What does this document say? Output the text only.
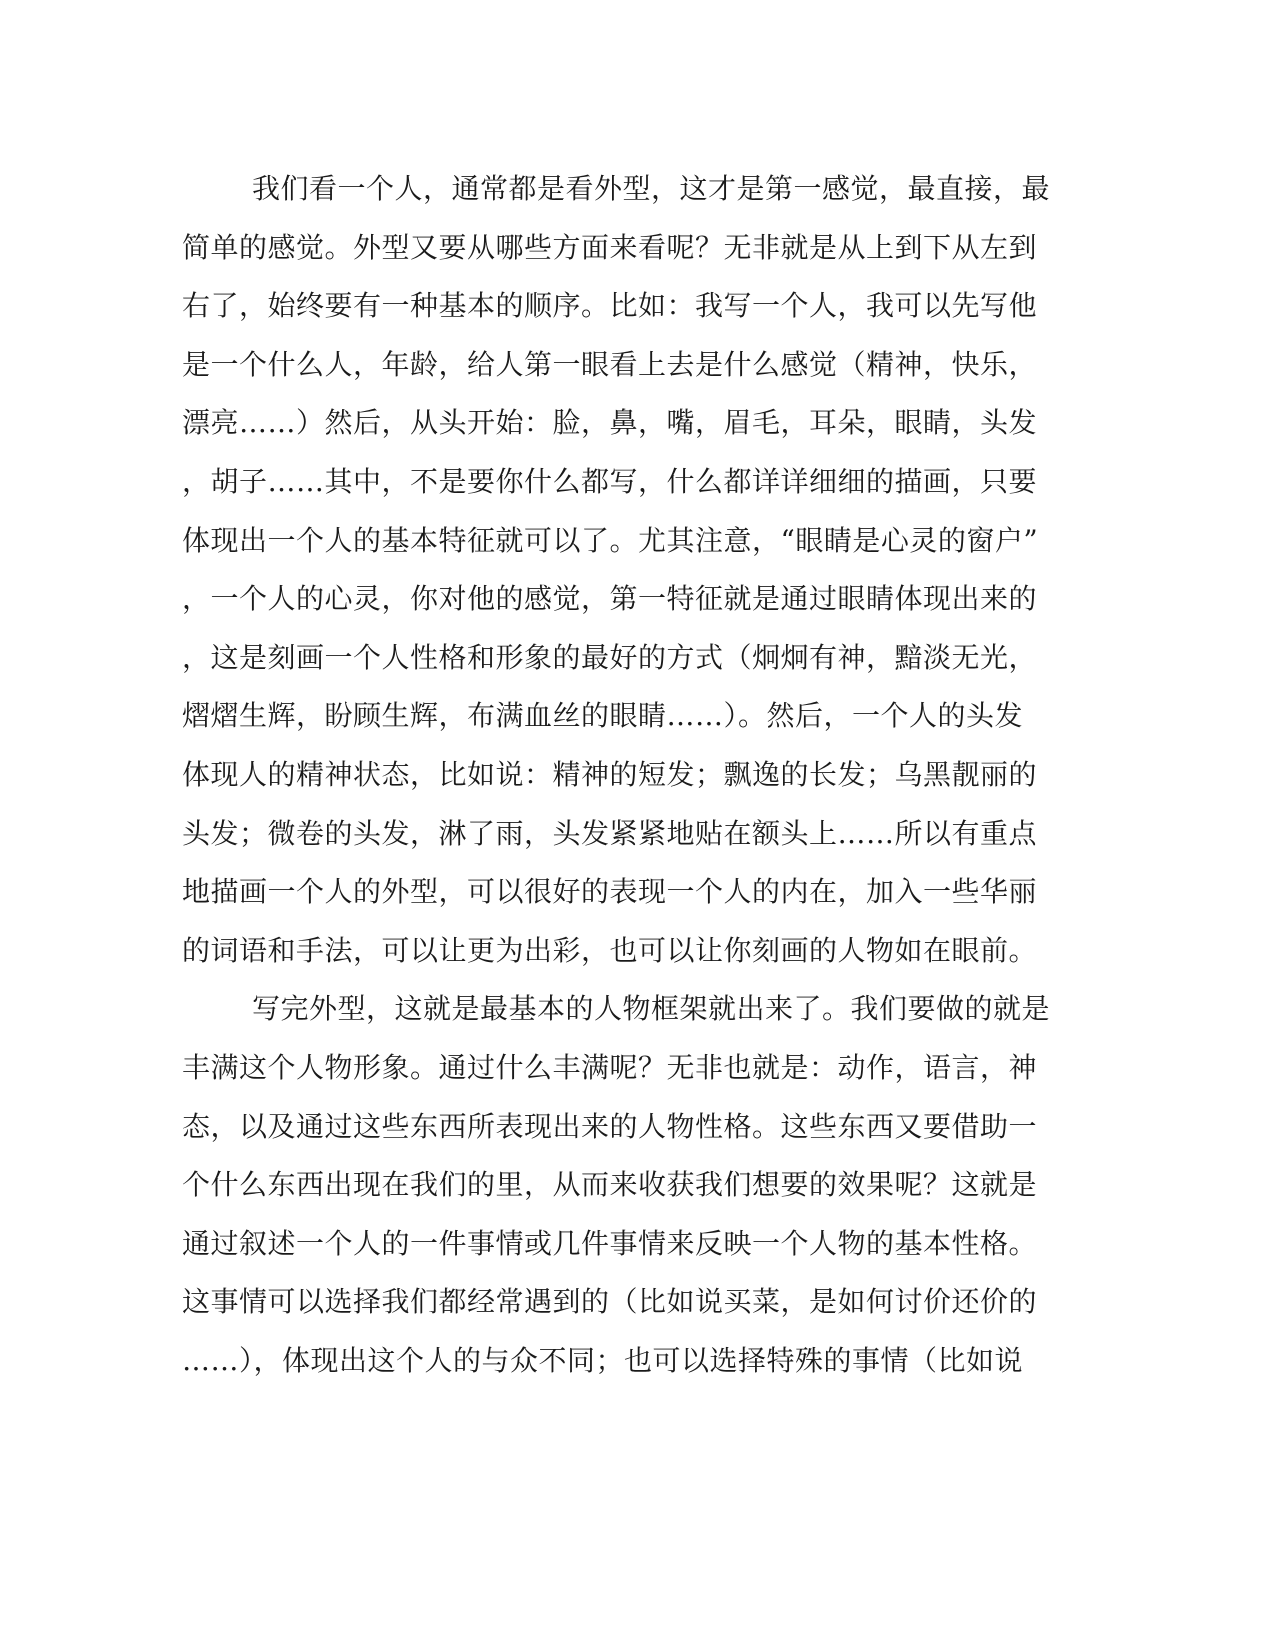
我们看一个人，通常都是看外型，这才是第一感觉，最直接，最
简单的感觉。外型又要从哪些方面来看呢？无非就是从上到下从左到
右了，始终要有一种基本的顺序。比如：我写一个人，我可以先写他
是一个什么人，年龄，给人第一眼看上去是什么感觉（精神，快乐，
漂亮……）然后，从头开始：脸，鼻，嘴，眉毛，耳朵，眼睛，头发
，胡子……其中，不是要你什么都写，什么都详详细细的描画，只要
体现出一个人的基本特征就可以了。尤其注意，“眼睛是心灵的窗户”
，一个人的心灵，你对他的感觉，第一特征就是通过眼睛体现出来的
，这是刻画一个人性格和形象的最好的方式（炯炯有神，黯淡无光，
熠熠生辉，盼顾生辉，布满血丝的眼睛……）。然后，一个人的头发
体现人的精神状态，比如说：精神的短发；飘逸的长发；乌黑靓丽的
头发；微卷的头发，淋了雨，头发紧紧地贴在额头上……所以有重点
地描画一个人的外型，可以很好的表现一个人的内在，加入一些华丽
的词语和手法，可以让更为出彩，也可以让你刻画的人物如在眼前。
写完外型，这就是最基本的人物框架就出来了。我们要做的就是
丰满这个人物形象。通过什么丰满呢？无非也就是：动作，语言，神
态，以及通过这些东西所表现出来的人物性格。这些东西又要借助一
个什么东西出现在我们的里，从而来收获我们想要的效果呢？这就是
通过叙述一个人的一件事情或几件事情来反映一个人物的基本性格。
这事情可以选择我们都经常遇到的（比如说买菜，是如何讨价还价的
……），体现出这个人的与众不同；也可以选择特殊的事情（比如说
